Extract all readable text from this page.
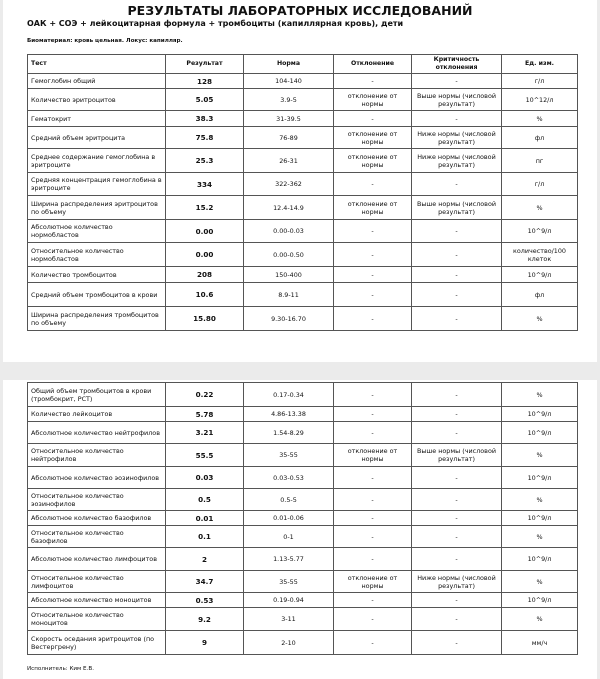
РЕЗУЛЬТАТЫ ЛАБОРАТОРНЫХ ИССЛЕДОВАНИЙ
ОАК + СОЭ + лейкоцитарная формула + тромбоциты (капиллярная кровь), дети
Биоматериал: кровь цельная. Локус: капилляр.
Тест	Результат	Норма	Отклонение	Критичность отклонения	Ед. изм.
Гемоглобин общий	128	104-140	-	-	г/л
Количество эритроцитов	5.05	3.9-5	отклонение от нормы	Выше нормы (числовой результат)	10^12/л
Гематокрит	38.3	31-39.5	-	-	%
Средний объем эритроцита	75.8	76-89	отклонение от нормы	Ниже нормы (числовой результат)	фл
Среднее содержание гемоглобина в эритроците	25.3	26-31	отклонение от нормы	Ниже нормы (числовой результат)	пг
Средняя концентрация гемоглобина в эритроците	334	322-362	-	-	г/л
Ширина распределения эритроцитов по объему	15.2	12.4-14.9	отклонение от нормы	Выше нормы (числовой результат)	%
Абсолютное количество нормобластов	0.00	0.00-0.03	-	-	10^9/л
Относительное количество нормобластов	0.00	0.00-0.50	-	-	количество/100 клеток
Количество тромбоцитов	208	150-400	-	-	10^9/л
Средний объем тромбоцитов в крови	10.6	8.9-11	-	-	фл
Ширина распределения тромбоцитов по объему	15.80	9.30-16.70	-	-	%
Общий объем тромбоцитов в крови (тромбокрит, PCT)	0.22	0.17-0.34	-	-	%
Количество лейкоцитов	5.78	4.86-13.38	-	-	10^9/л
Абсолютное количество нейтрофилов	3.21	1.54-8.29	-	-	10^9/л
Относительное количество нейтрофилов	55.5	35-55	отклонение от нормы	Выше нормы (числовой результат)	%
Абсолютное количество эозинофилов	0.03	0.03-0.53	-	-	10^9/л
Относительное количество эозинофилов	0.5	0.5-5	-	-	%
Абсолютное количество базофилов	0.01	0.01-0.06	-	-	10^9/л
Относительное количество базофилов	0.1	0-1	-	-	%
Абсолютное количество лимфоцитов	2	1.13-5.77	-	-	10^9/л
Относительное количество лимфоцитов	34.7	35-55	отклонение от нормы	Ниже нормы (числовой результат)	%
Абсолютное количество моноцитов	0.53	0.19-0.94	-	-	10^9/л
Относительное количество моноцитов	9.2	3-11	-	-	%
Скорость оседания эритроцитов (по Вестергрену)	9	2-10	-	-	мм/ч
Исполнитель: Ким Е.В.
